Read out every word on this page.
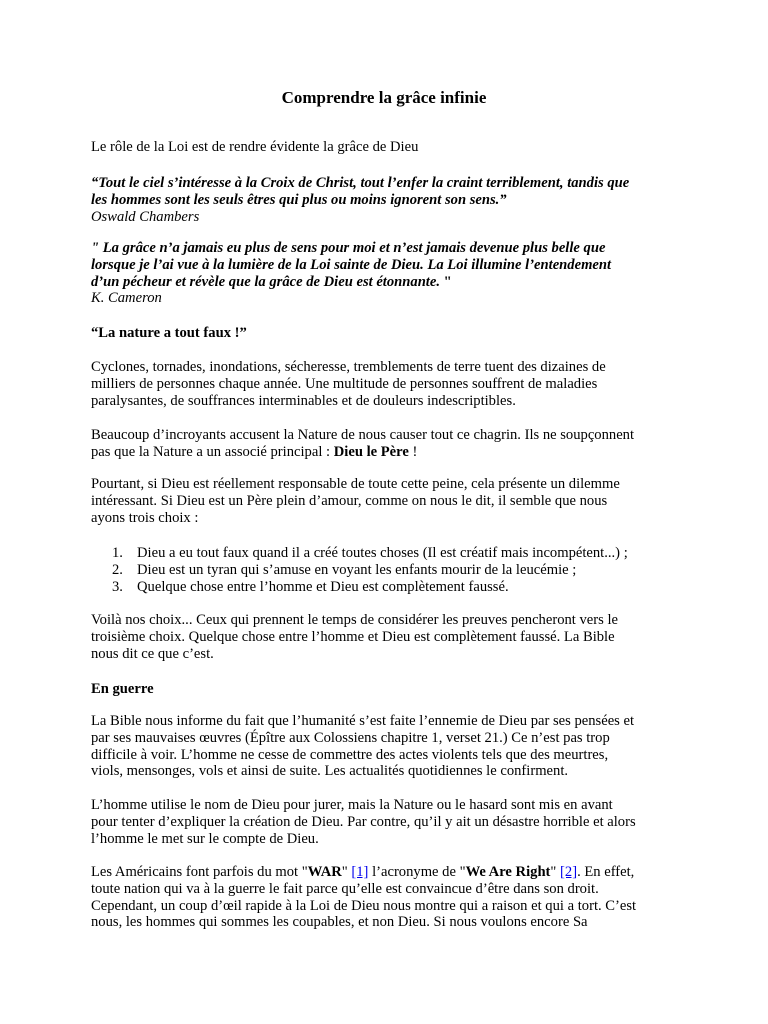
Comprendre la grâce infinie
Le rôle de la Loi est de rendre évidente la grâce de Dieu
“Tout le ciel s’intéresse à la Croix de Christ, tout l’enfer la craint terriblement, tandis que
les hommes sont les seuls êtres qui plus ou moins ignorent son sens.”
Oswald Chambers
" La grâce n’a jamais eu plus de sens pour moi et n’est jamais devenue plus belle que
lorsque je l’ai vue à la lumière de la Loi sainte de Dieu. La Loi illumine l’entendement
d’un pécheur et révèle que la grâce de Dieu est étonnante. "
K. Cameron
“La nature a tout faux !”
Cyclones, tornades, inondations, sécheresse, tremblements de terre tuent des dizaines de
milliers de personnes chaque année. Une multitude de personnes souffrent de maladies
paralysantes, de souffrances interminables et de douleurs indescriptibles.
Beaucoup d’incroyants accusent la Nature de nous causer tout ce chagrin. Ils ne soupçonnent
pas que la Nature a un associé principal : Dieu le Père !
Pourtant, si Dieu est réellement responsable de toute cette peine, cela présente un dilemme
intéressant. Si Dieu est un Père plein d’amour, comme on nous le dit, il semble que nous
ayons trois choix :
1. Dieu a eu tout faux quand il a créé toutes choses (Il est créatif mais incompétent...) ;
2. Dieu est un tyran qui s’amuse en voyant les enfants mourir de la leucémie ;
3. Quelque chose entre l’homme et Dieu est complètement faussé.
Voilà nos choix... Ceux qui prennent le temps de considérer les preuves pencheront vers le
troisième choix. Quelque chose entre l’homme et Dieu est complètement faussé. La Bible
nous dit ce que c’est.
En guerre
La Bible nous informe du fait que l’humanité s’est faite l’ennemie de Dieu par ses pensées et
par ses mauvaises œuvres (Épître aux Colossiens chapitre 1, verset 21.) Ce n’est pas trop
difficile à voir. L’homme ne cesse de commettre des actes violents tels que des meurtres,
viols, mensonges, vols et ainsi de suite. Les actualités quotidiennes le confirment.
L’homme utilise le nom de Dieu pour jurer, mais la Nature ou le hasard sont mis en avant
pour tenter d’expliquer la création de Dieu. Par contre, qu’il y ait un désastre horrible et alors
l’homme le met sur le compte de Dieu.
Les Américains font parfois du mot "WAR" [1] l’acronyme de "We Are Right" [2]. En effet,
toute nation qui va à la guerre le fait parce qu’elle est convaincue d’être dans son droit.
Cependant, un coup d’œil rapide à la Loi de Dieu nous montre qui a raison et qui a tort. C’est
nous, les hommes qui sommes les coupables, et non Dieu. Si nous voulons encore Sa
